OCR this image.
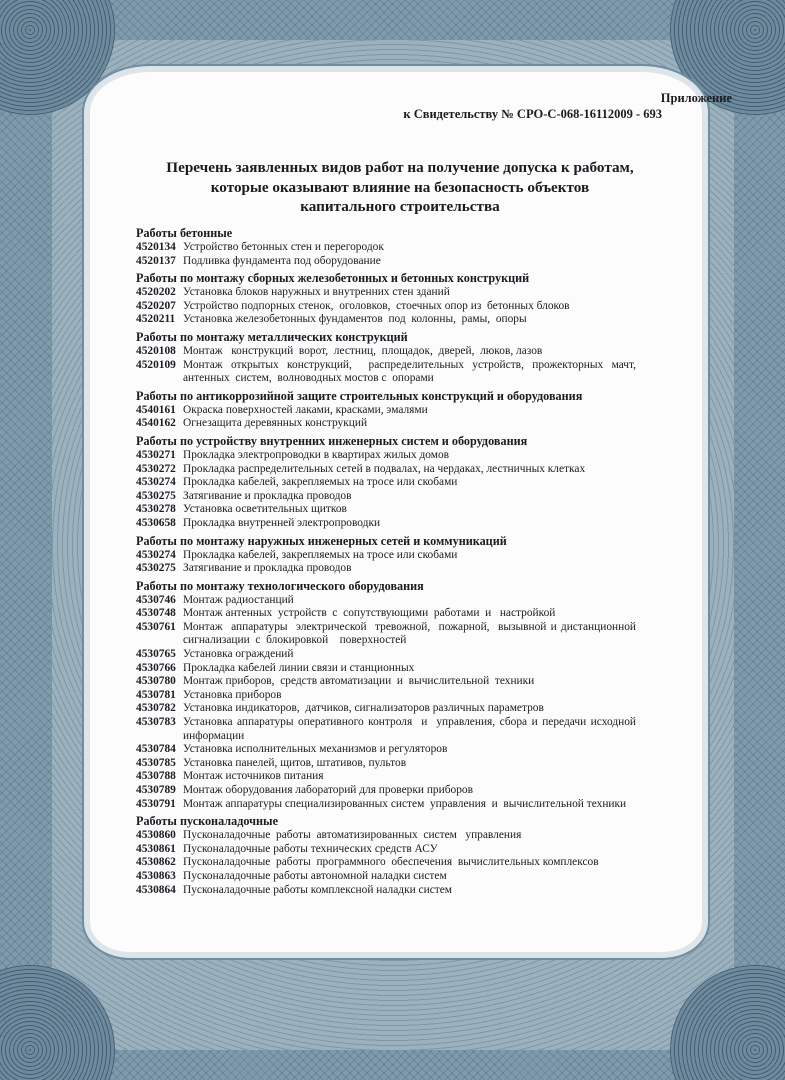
Приложение
к Свидетельству № СРО-С-068-16112009 - 693
Перечень заявленных видов работ на получение допуска к работам,
которые оказывают влияние на безопасность объектов
капитального строительства
Работы бетонные
4520134 Устройство бетонных стен и перегородок
4520137 Подливка фундамента под оборудование
Работы по монтажу сборных железобетонных и бетонных конструкций
4520202 Установка блоков наружных и внутренних стен зданий
4520207 Устройство подпорных стенок,  оголовков,  стоечных опор из  бетонных блоков
4520211 Установка железобетонных фундаментов  под  колонны,  рамы,  опоры
Работы по монтажу металлических конструкций
4520108 Монтаж   конструкций  ворот,  лестниц,  площадок,  дверей,  люков, лазов
4520109 Монтаж открытых конструкций,  распределительных устройств, прожекторных мачт,  антенных  систем,  волноводных мостов с  опорами
Работы по антикоррозийной защите строительных конструкций и оборудования
4540161 Окраска поверхностей лаками, красками, эмалями
4540162 Огнезащита деревянных конструкций
Работы по устройству внутренних инженерных систем и оборудования
4530271 Прокладка электропроводки в квартирах жилых домов
4530272 Прокладка распределительных сетей в подвалах, на чердаках, лестничных клетках
4530274 Прокладка кабелей, закрепляемых на тросе или скобами
4530275 Затягивание и прокладка проводов
4530278 Установка осветительных щитков
4530658 Прокладка внутренней электропроводки
Работы по монтажу наружных инженерных сетей и коммуникаций
4530274 Прокладка кабелей, закрепляемых на тросе или скобами
4530275 Затягивание и прокладка проводов
Работы по монтажу технологического оборудования
4530746 Монтаж радиостанций
4530748 Монтаж антенных  устройств  с  сопутствующими  работами  и   настройкой
4530761 Монтаж  аппаратуры  электрической  тревожной,  пожарной,  вызывной и дистанционной  сигнализации  с  блокировкой    поверхностей
4530765 Установка ограждений
4530766 Прокладка кабелей линии связи и станционных
4530780 Монтаж приборов,  средств автоматизации  и  вычислительной  техники
4530781 Установка приборов
4530782 Установка индикаторов,  датчиков, сигнализаторов различных параметров
4530783 Установка аппаратуры оперативного контроля  и  управления, сбора и передачи исходной  информации
4530784 Установка исполнительных механизмов и регуляторов
4530785 Установка панелей, щитов, штативов, пультов
4530788 Монтаж источников питания
4530789 Монтаж оборудования лабораторий для проверки приборов
4530791 Монтаж аппаратуры специализированных систем  управления  и  вычислительной техники
Работы пусконаладочные
4530860 Пусконаладочные  работы  автоматизированных  систем   управления
4530861 Пусконаладочные работы технических средств АСУ
4530862 Пусконаладочные  работы  программного  обеспечения  вычислительных комплексов
4530863 Пусконаладочные работы автономной наладки систем
4530864 Пусконаладочные работы комплексной наладки систем
